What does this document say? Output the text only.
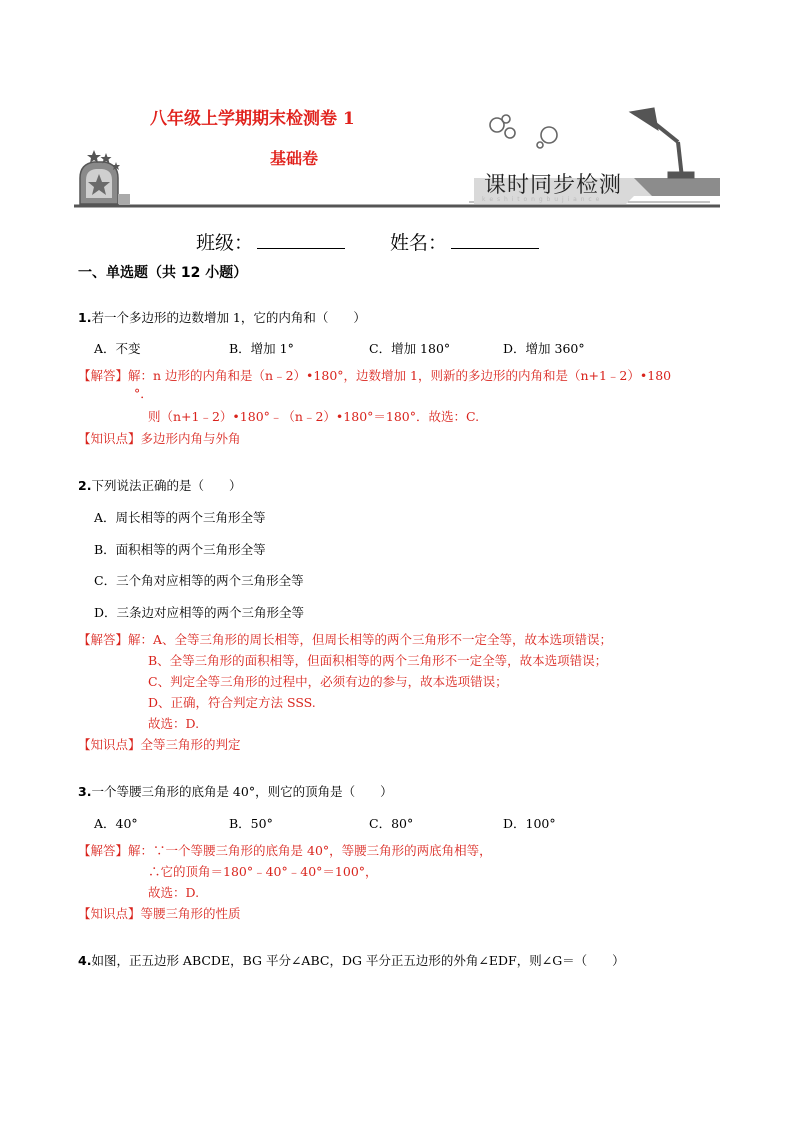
八年级上学期期末检测卷 1
基础卷
课时同步检测
k e s h i t o n g b u j i a n c e
班级：	姓名：
一、单选题（共 12 小题）
1.若一个多边形的边数增加 1，它的内角和（　　）
A．不变	B．增加 1°	C．增加 180°	D．增加 360°
【解答】解：n 边形的内角和是（n﹣2）•180°，边数增加 1，则新的多边形的内角和是（n+1﹣2）•180
°．
则（n+1﹣2）•180°﹣（n﹣2）•180°＝180°．故选：C.
【知识点】多边形内角与外角
2.下列说法正确的是（　　）
A．周长相等的两个三角形全等
B．面积相等的两个三角形全等
C．三个角对应相等的两个三角形全等
D．三条边对应相等的两个三角形全等
【解答】解：A、全等三角形的周长相等，但周长相等的两个三角形不一定全等，故本选项错误；
B、全等三角形的面积相等，但面积相等的两个三角形不一定全等，故本选项错误；
C、判定全等三角形的过程中，必须有边的参与，故本选项错误；
D、正确，符合判定方法 SSS.
故选：D.
【知识点】全等三角形的判定
3.一个等腰三角形的底角是 40°，则它的顶角是（　　）
A．40°	B．50°	C．80°	D．100°
【解答】解：∵一个等腰三角形的底角是 40°，等腰三角形的两底角相等，
∴它的顶角＝180°﹣40°﹣40°＝100°，
故选：D.
【知识点】等腰三角形的性质
4.如图，正五边形 ABCDE，BG 平分∠ABC，DG 平分正五边形的外角∠EDF，则∠G＝（　　）
